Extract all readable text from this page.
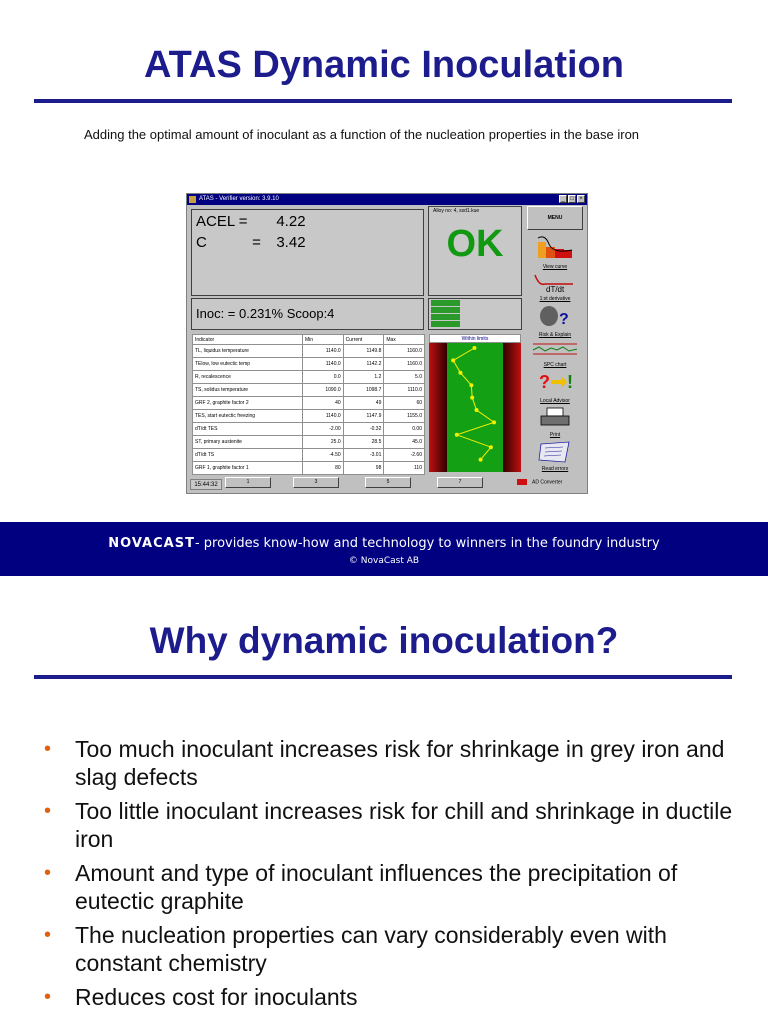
ATAS Dynamic Inoculation
Adding the optimal amount of inoculant as a function of the nucleation properties in the base iron
ATAS - Verifier version: 3.9.10	_ □ ×
ACEL = 4.22
C	= 3.42
Alloy no: 4, ssd1.kue
OK
Inoc: = 0.231% Scoop:4
Indicator	Min	Current	Max
TL, liquidus temperature	1140.0	1149.8	1160.0
TElow, low eutectic temp	1140.0	1142.2	1160.0
R, recalescence	0.0	1.2	5.0
TS, solidus temperature	1090.0	1098.7	1110.0
GRF 2, graphite factor 2	40	49	60
TES, start eutectic freezing	1140.0	1147.9	1155.0
dT/dt TES	-2.00	-0.32	0.00
ST, primary austenite	25.0	28.5	45.0
dT/dt TS	-4.50	-3.01	-2.60
GRF 1, graphite factor 1	80	98	110
Within limits
MENU
View curve
dT/dt
1:st derivative
?
Risk & Explain
SPC chart
? !
Local Advisor
Print
Read errors
15:44:32	1	3	5	7	AD Converter
NOVACAST- provides know-how and technology to winners in the foundry industry
© NovaCast AB
Why dynamic inoculation?
• Too much inoculant increases risk for shrinkage in grey iron and slag defects
• Too little inoculant increases risk for chill and shrinkage in ductile iron
• Amount and type of inoculant influences the precipitation of eutectic graphite
• The nucleation properties can vary considerably even with constant chemistry
• Reduces cost for inoculants
